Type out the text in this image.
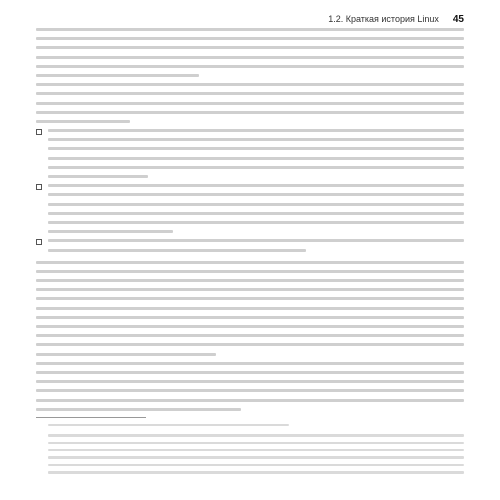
1.2. Краткая история Linux 45
